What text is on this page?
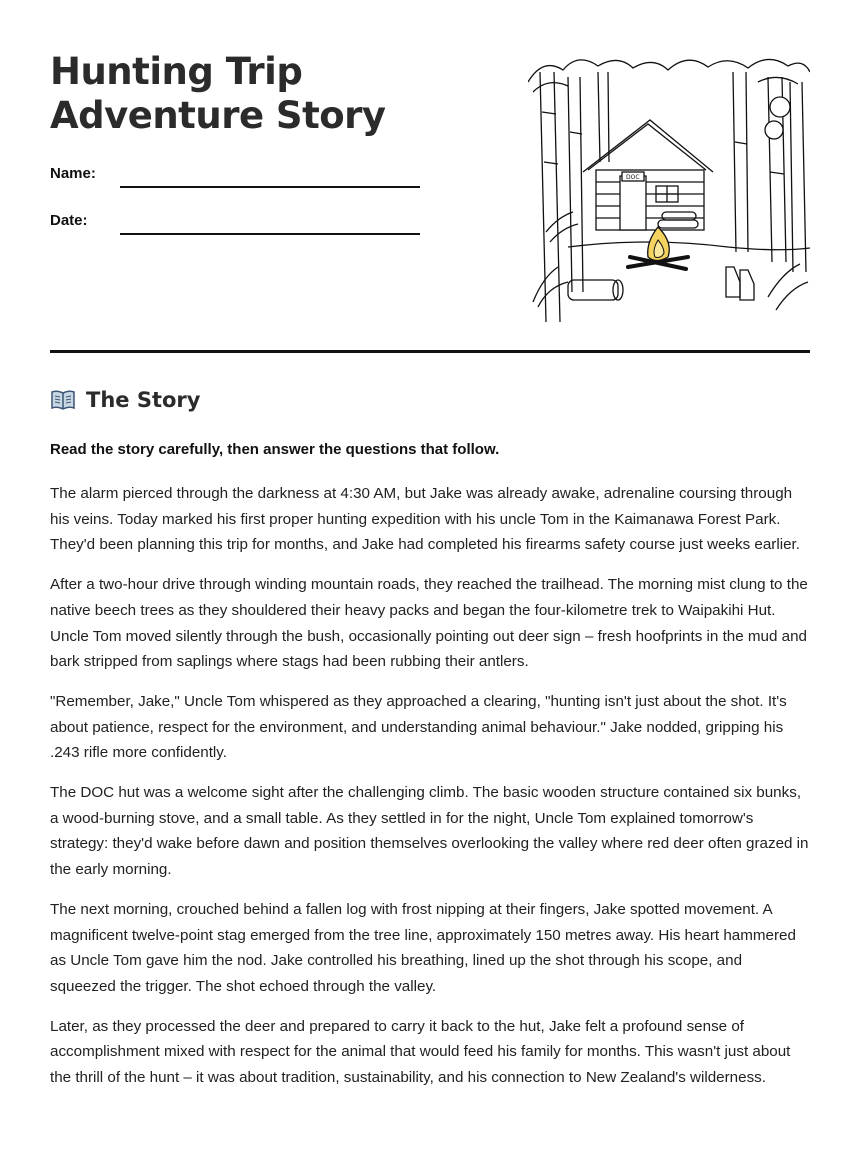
Hunting Trip Adventure Story
Name:
Date:
DOC
The Story
Read the story carefully, then answer the questions that follow.

The alarm pierced through the darkness at 4:30 AM, but Jake was already awake, adrenaline coursing through his veins. Today marked his first proper hunting expedition with his uncle Tom in the Kaimanawa Forest Park. They'd been planning this trip for months, and Jake had completed his firearms safety course just weeks earlier.

After a two-hour drive through winding mountain roads, they reached the trailhead. The morning mist clung to the native beech trees as they shouldered their heavy packs and began the four-kilometre trek to Waipakihi Hut. Uncle Tom moved silently through the bush, occasionally pointing out deer sign – fresh hoofprints in the mud and bark stripped from saplings where stags had been rubbing their antlers.

"Remember, Jake," Uncle Tom whispered as they approached a clearing, "hunting isn't just about the shot. It's about patience, respect for the environment, and understanding animal behaviour." Jake nodded, gripping his .243 rifle more confidently.

The DOC hut was a welcome sight after the challenging climb. The basic wooden structure contained six bunks, a wood-burning stove, and a small table. As they settled in for the night, Uncle Tom explained tomorrow's strategy: they'd wake before dawn and position themselves overlooking the valley where red deer often grazed in the early morning.

The next morning, crouched behind a fallen log with frost nipping at their fingers, Jake spotted movement. A magnificent twelve-point stag emerged from the tree line, approximately 150 metres away. His heart hammered as Uncle Tom gave him the nod. Jake controlled his breathing, lined up the shot through his scope, and squeezed the trigger. The shot echoed through the valley.

Later, as they processed the deer and prepared to carry it back to the hut, Jake felt a profound sense of accomplishment mixed with respect for the animal that would feed his family for months. This wasn't just about the thrill of the hunt – it was about tradition, sustainability, and his connection to New Zealand's wilderness.
